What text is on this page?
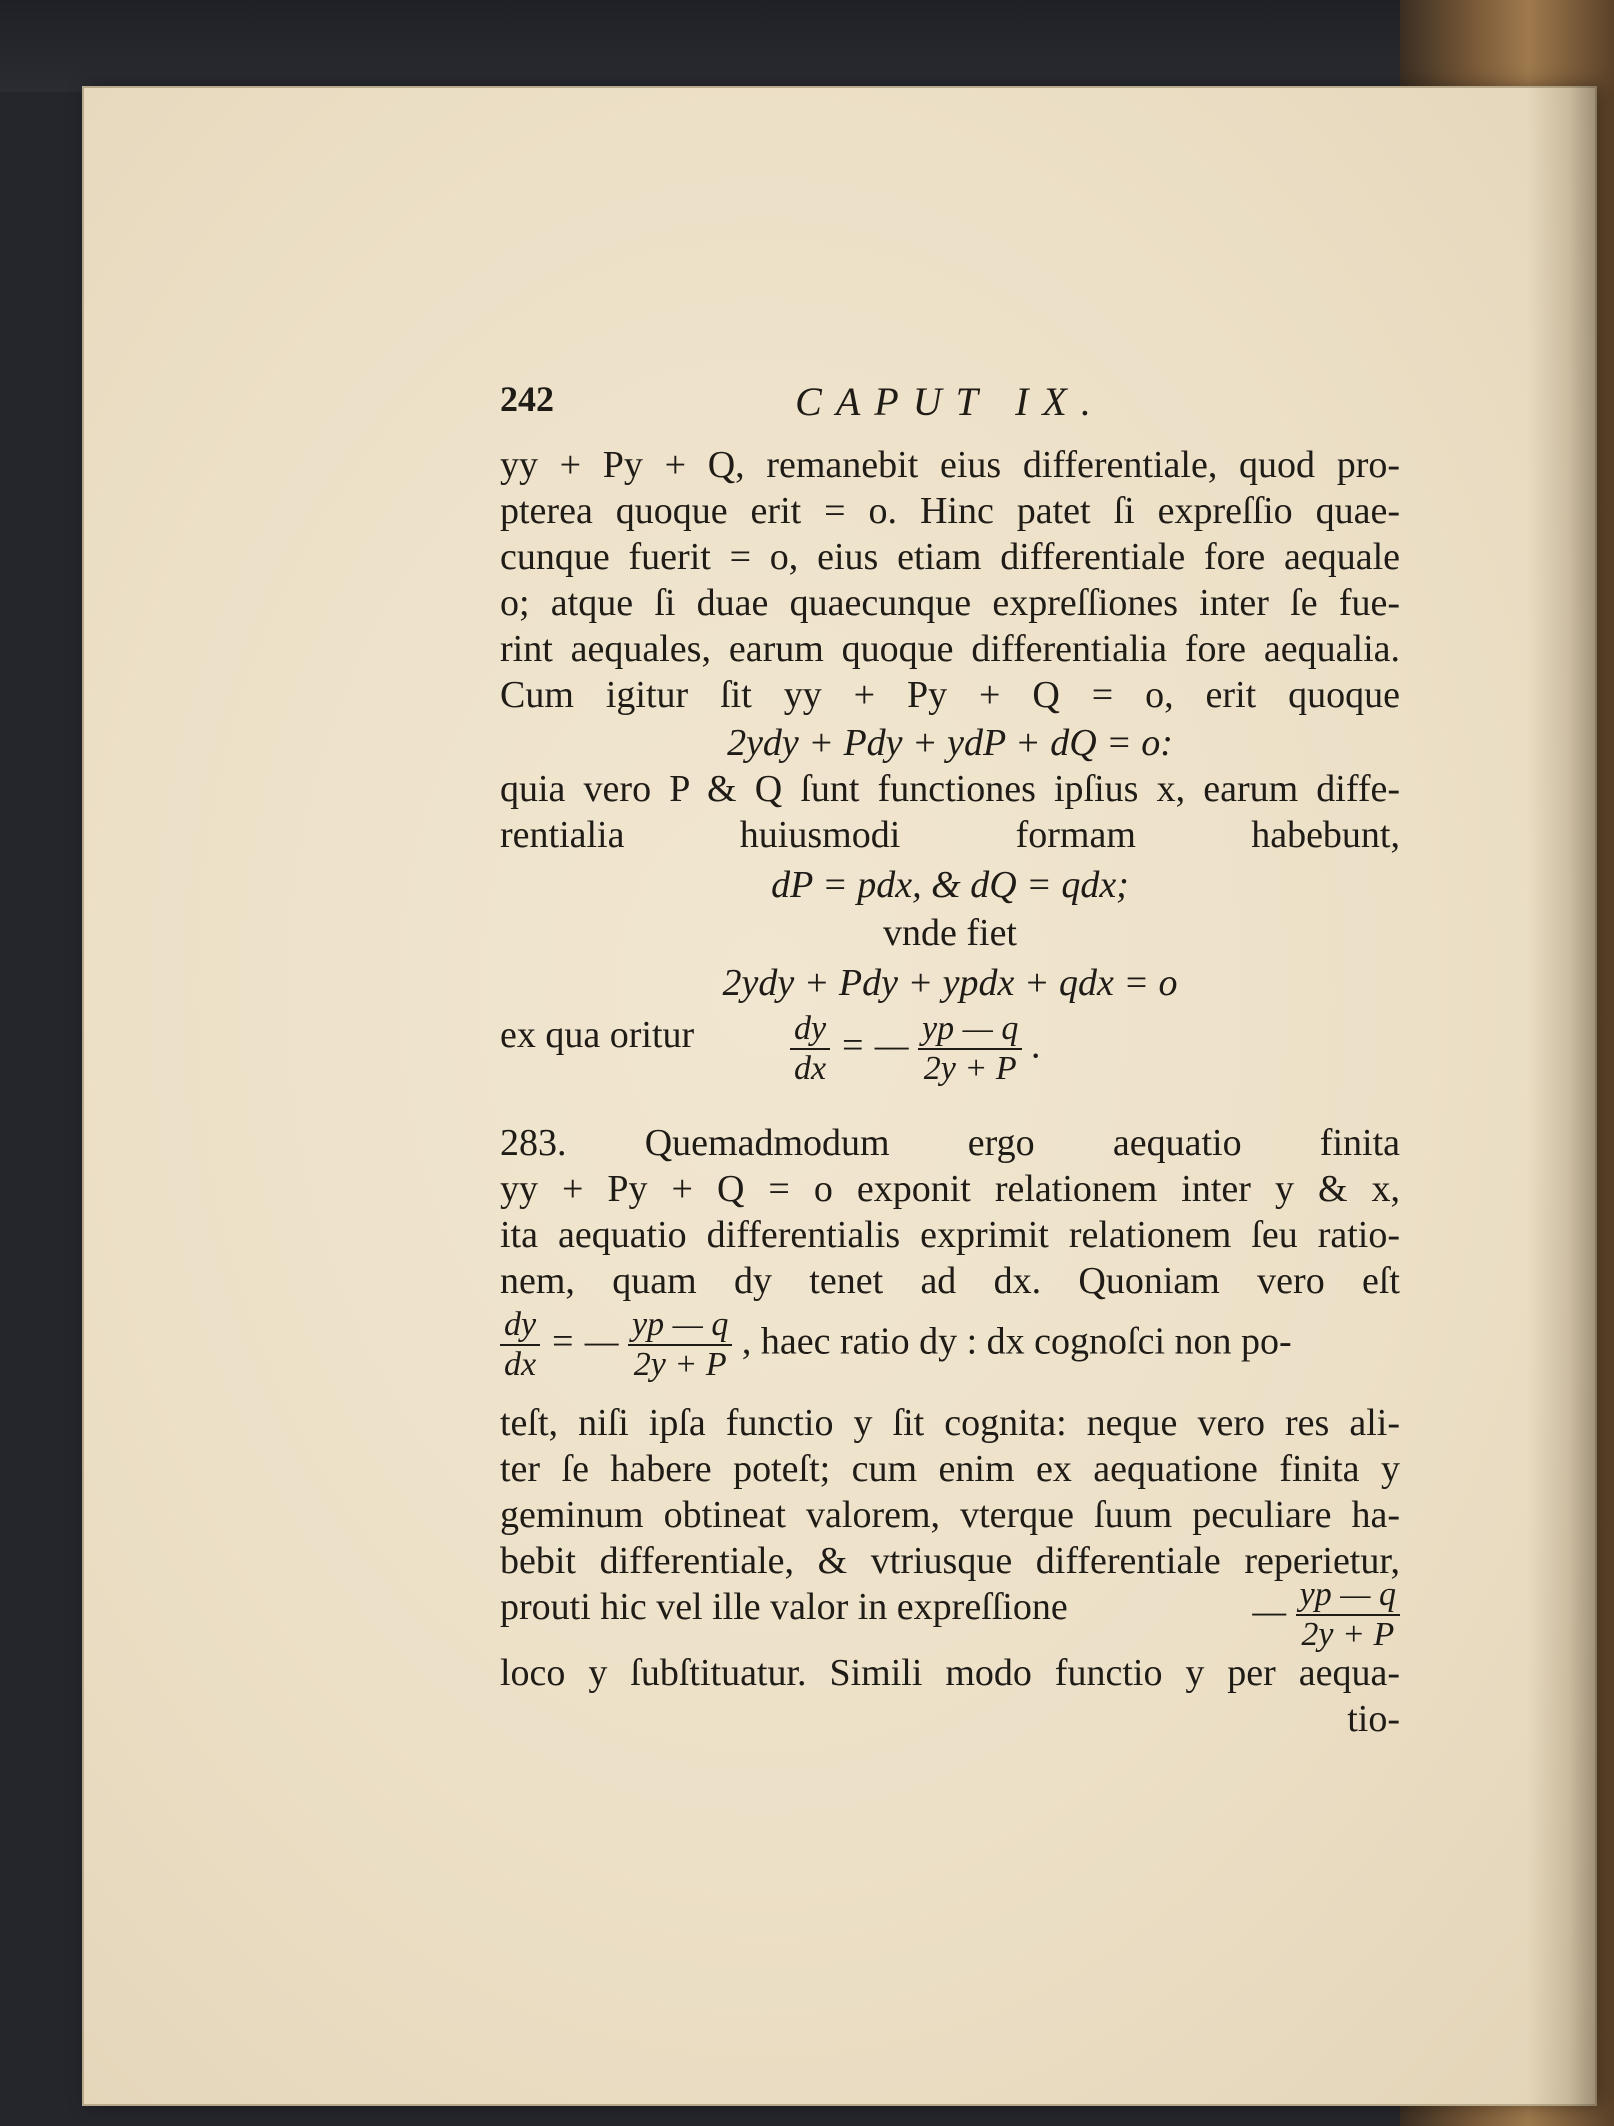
242	CAPUT IX.
yy + Py + Q, remanebit eius differentiale, quod pro-
pterea quoque erit = o. Hinc patet ſi expreſſio quae-
cunque fuerit = o, eius etiam differentiale fore aequale
o; atque ſi duae quaecunque expreſſiones inter ſe fue-
rint aequales, earum quoque differentialia fore aequalia.
Cum igitur ſit yy + Py + Q = o, erit quoque
2ydy + Pdy + ydP + dQ = o:
quia vero P & Q ſunt functiones ipſius x, earum diffe-
rentialia huiusmodi formam habebunt,
dP = pdx, & dQ = qdx;
vnde fiet
2ydy + Pdy + ypdx + qdx = o
ex qua oritur	$\frac{dy}{dx}$ = — $\frac{yp — q}{2y + P}$ .
283. Quemadmodum ergo aequatio finita
yy + Py + Q = o exponit relationem inter y & x,
ita aequatio differentialis exprimit relationem ſeu ratio-
nem, quam dy tenet ad dx. Quoniam vero eſt
$\frac{dy}{dx}$ = — $\frac{yp — q}{2y + P}$ , haec ratio dy : dx cognoſci non po-
teſt, niſi ipſa functio y ſit cognita: neque vero res ali-
ter ſe habere poteſt; cum enim ex aequatione finita y
geminum obtineat valorem, vterque ſuum peculiare ha-
bebit differentiale, & vtriusque differentiale reperietur,
prouti hic vel ille valor in expreſſione	— $\frac{yp — q}{2y + P}$
loco y ſubſtituatur. Simili modo functio y per aequa-
tio-
